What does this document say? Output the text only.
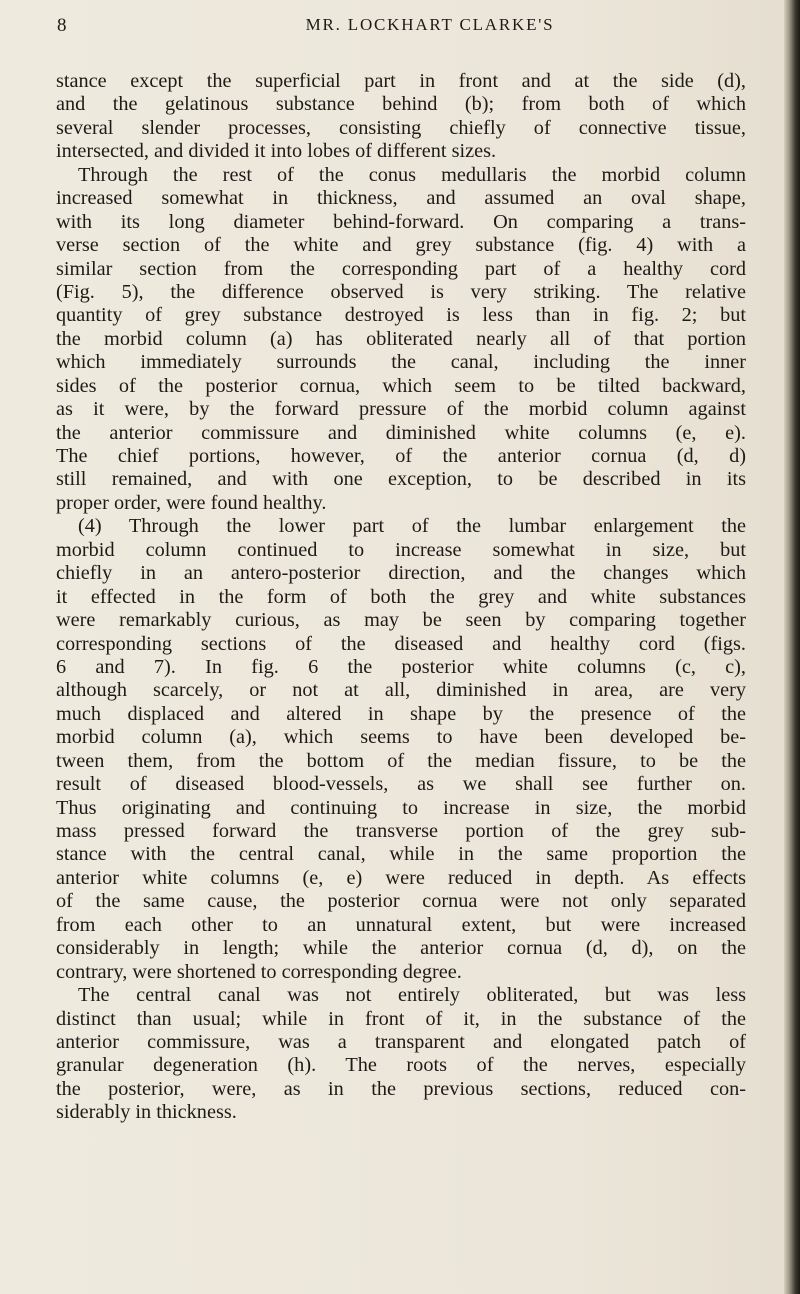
8	MR. LOCKHART CLARKE'S
stance except the superficial part in front and at the side (d),
and the gelatinous substance behind (b); from both of which
several slender processes, consisting chiefly of connective tissue,
intersected, and divided it into lobes of different sizes.
Through the rest of the conus medullaris the morbid column
increased somewhat in thickness, and assumed an oval shape,
with its long diameter behind-forward. On comparing a trans-
verse section of the white and grey substance (fig. 4) with a
similar section from the corresponding part of a healthy cord
(Fig. 5), the difference observed is very striking. The relative
quantity of grey substance destroyed is less than in fig. 2; but
the morbid column (a) has obliterated nearly all of that portion
which immediately surrounds the canal, including the inner
sides of the posterior cornua, which seem to be tilted backward,
as it were, by the forward pressure of the morbid column against
the anterior commissure and diminished white columns (e, e).
The chief portions, however, of the anterior cornua (d, d)
still remained, and with one exception, to be described in its
proper order, were found healthy.
(4) Through the lower part of the lumbar enlargement the
morbid column continued to increase somewhat in size, but
chiefly in an antero-posterior direction, and the changes which
it effected in the form of both the grey and white substances
were remarkably curious, as may be seen by comparing together
corresponding sections of the diseased and healthy cord (figs.
6 and 7). In fig. 6 the posterior white columns (c, c),
although scarcely, or not at all, diminished in area, are very
much displaced and altered in shape by the presence of the
morbid column (a), which seems to have been developed be-
tween them, from the bottom of the median fissure, to be the
result of diseased blood-vessels, as we shall see further on.
Thus originating and continuing to increase in size, the morbid
mass pressed forward the transverse portion of the grey sub-
stance with the central canal, while in the same proportion the
anterior white columns (e, e) were reduced in depth. As effects
of the same cause, the posterior cornua were not only separated
from each other to an unnatural extent, but were increased
considerably in length; while the anterior cornua (d, d), on the
contrary, were shortened to corresponding degree.
The central canal was not entirely obliterated, but was less
distinct than usual; while in front of it, in the substance of the
anterior commissure, was a transparent and elongated patch of
granular degeneration (h). The roots of the nerves, especially
the posterior, were, as in the previous sections, reduced con-
siderably in thickness.
